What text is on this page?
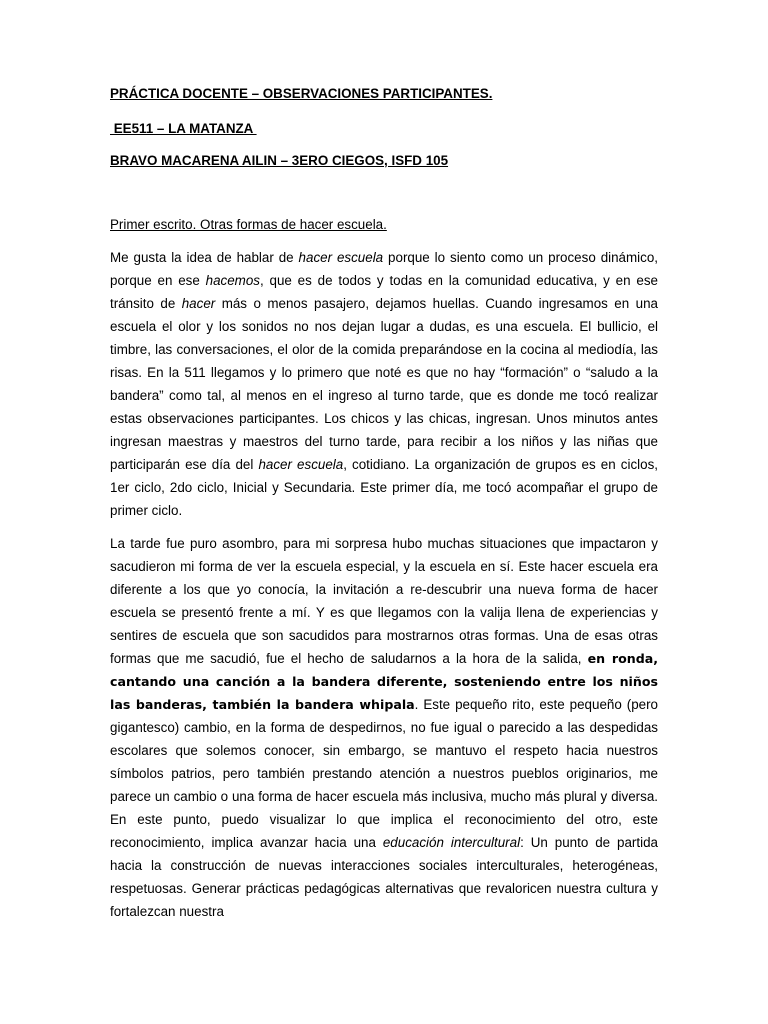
PRÁCTICA DOCENTE – OBSERVACIONES PARTICIPANTES.
EE511 – LA MATANZA
BRAVO MACARENA AILIN – 3ERO CIEGOS, ISFD 105
Primer escrito. Otras formas de hacer escuela.

Me gusta la idea de hablar de hacer escuela porque lo siento como un proceso dinámico, porque en ese hacemos, que es de todos y todas en la comunidad educativa, y en ese tránsito de hacer más o menos pasajero, dejamos huellas. Cuando ingresamos en una escuela el olor y los sonidos no nos dejan lugar a dudas, es una escuela. El bullicio, el timbre, las conversaciones, el olor de la comida preparándose en la cocina al mediodía, las risas. En la 511 llegamos y lo primero que noté es que no hay “formación” o “saludo a la bandera” como tal, al menos en el ingreso al turno tarde, que es donde me tocó realizar estas observaciones participantes. Los chicos y las chicas, ingresan. Unos minutos antes ingresan maestras y maestros del turno tarde, para recibir a los niños y las niñas que participarán ese día del hacer escuela, cotidiano. La organización de grupos es en ciclos, 1er ciclo, 2do ciclo, Inicial y Secundaria. Este primer día, me tocó acompañar el grupo de primer ciclo.

La tarde fue puro asombro, para mi sorpresa hubo muchas situaciones que impactaron y sacudieron mi forma de ver la escuela especial, y la escuela en sí. Este hacer escuela era diferente a los que yo conocía, la invitación a re-descubrir una nueva forma de hacer escuela se presentó frente a mí. Y es que llegamos con la valija llena de experiencias y sentires de escuela que son sacudidos para mostrarnos otras formas. Una de esas otras formas que me sacudió, fue el hecho de saludarnos a la hora de la salida, en ronda, cantando una canción a la bandera diferente, sosteniendo entre los niños las banderas, también la bandera whipala. Este pequeño rito, este pequeño (pero gigantesco) cambio, en la forma de despedirnos, no fue igual o parecido a las despedidas escolares que solemos conocer, sin embargo, se mantuvo el respeto hacia nuestros símbolos patrios, pero también prestando atención a nuestros pueblos originarios, me parece un cambio o una forma de hacer escuela más inclusiva, mucho más plural y diversa. En este punto, puedo visualizar lo que implica el reconocimiento del otro, este reconocimiento, implica avanzar hacia una educación intercultural: Un punto de partida hacia la construcción de nuevas interacciones sociales interculturales, heterogéneas, respetuosas. Generar prácticas pedagógicas alternativas que revaloricen nuestra cultura y fortalezcan nuestra
